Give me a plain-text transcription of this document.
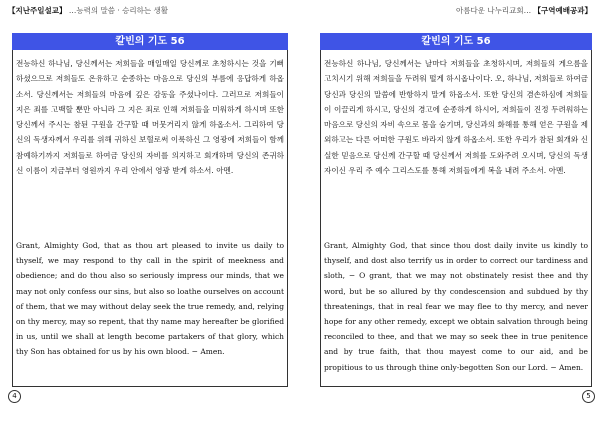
【지난주일설교】 …능력의 말씀 · 승리하는 생활
칼빈의 기도 56

전능하신 하나님, 당신께서는 저희들을 매일매일 당신께로 초청하시는 것을 기뻐하셨으므로 저희들도 온유하고 순종하는 마음으로 당신의 부름에 응답하게 하옵소서. 당신께서는 저희들의 마음에 깊은 감동을 주셨나이다. 그러므로 저희들이 지은 죄를 고백할 뿐만 아니라 그 지은 죄로 인해 저희들을 미워하게 하시며 또한 당신께서 주시는 참된 구원을 간구할 때 머뭇거리지 않게 하옵소서. 그리하여 당신의 독생자께서 우리를 위해 귀하신 보혈로써 이룩하신 그 영광에 저희들이 함께 참예하기까지 저희들로 하여금 당신의 자비를 의지하고 회개하며 당신의 존귀하신 이름이 지금부터 영원까지 우리 안에서 영광 받게 하소서. 아멘.

Grant, Almighty God, that as thou art pleased to invite us daily to thyself, we may respond to thy call in the spirit of meekness and obedience; and do thou also so seriously impress our minds, that we may not only confess our sins, but also so loathe ourselves on account of them, that we may without delay seek the true remedy, and, relying on thy mercy, may so repent, that thy name may hereafter be glorified in us, until we shall at length become partakers of that glory, which thy Son has obtained for us by his own blood. − Amen.

4
아름다운 나누리교회… 【구역예배공과】
칼빈의 기도 56

전능하신 하나님, 당신께서는 날마다 저희들을 초청하시며, 저희들의 게으름을 고치시기 위해 저희들을 두려워 떨게 하시옵나이다. 오, 하나님, 저희들로 하여금 당신과 당신의 말씀에 반항하지 말게 하옵소서. 또한 당신의 겸손하심에 저희들이 이끌리게 하시고, 당신의 경고에 순종하게 하시어, 저희들이 진정 두려워하는 마음으로 당신의 자비 속으로 몸을 숨기며, 당신과의 화해를 통해 얻은 구원을 제외하고는 다른 어떠한 구원도 바라지 않게 하옵소서. 또한 우리가 참된 회개와 신실한 믿음으로 당신께 간구할 때 당신께서 저희를 도와주려 오시며, 당신의 독생자이신 우리 주 예수 그리스도를 통해 저희들에게 복을 내려 주소서. 아멘.

Grant, Almighty God, that since thou dost daily invite us kindly to thyself, and dost also terrify us in order to correct our tardiness and sloth, − O grant, that we may not obstinately resist thee and thy word, but be so allured by thy condescension and subdued by thy threatenings, that in real fear we may flee to thy mercy, and never hope for any other remedy, except we obtain salvation through being reconciled to thee, and that we may so seek thee in true penitence and by true faith, that thou mayest come to our aid, and be propitious to us through thine only-begotten Son our Lord. − Amen.

5
